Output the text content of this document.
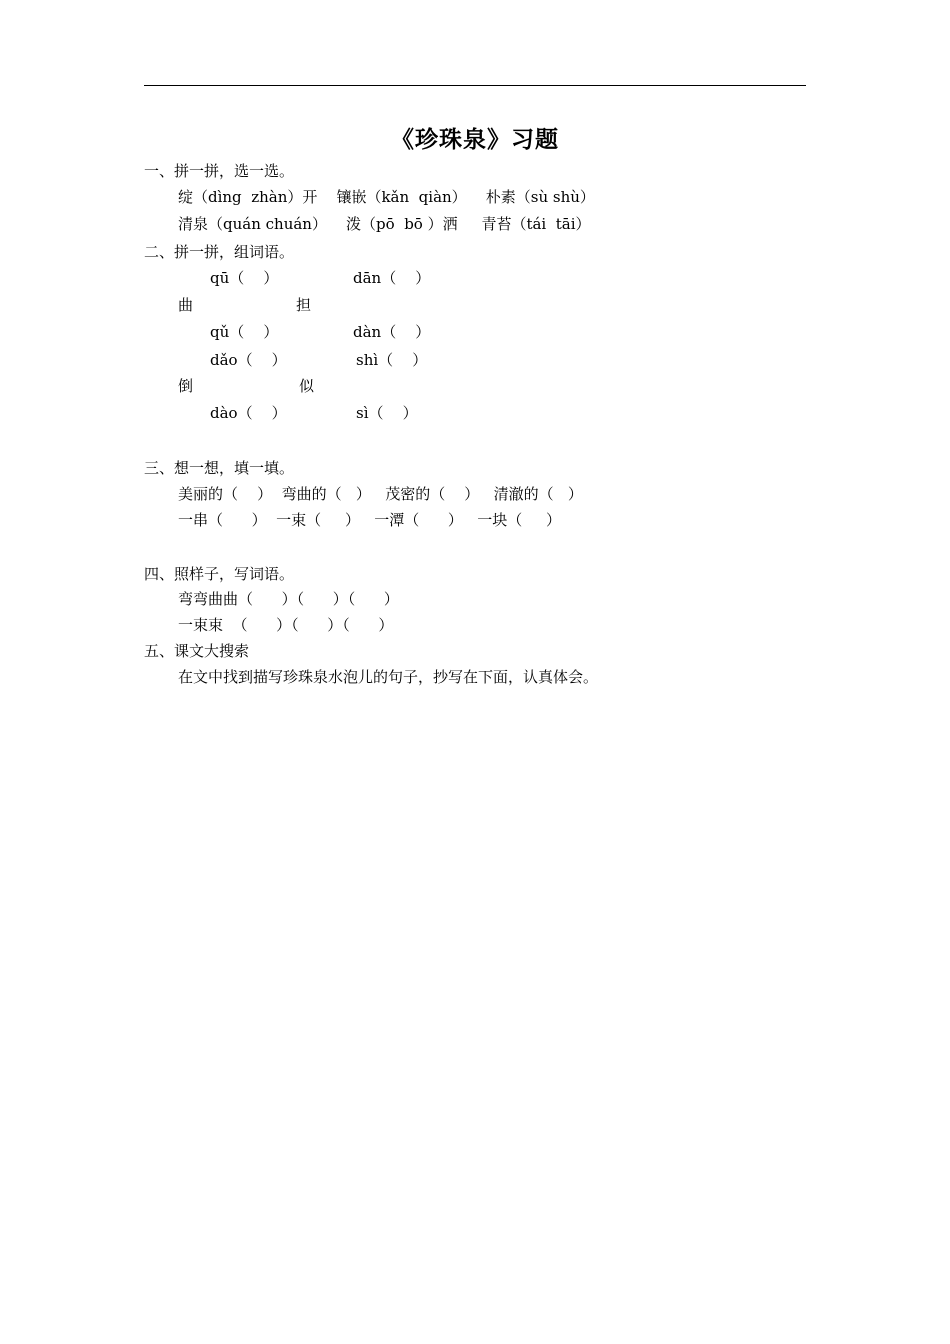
《珍珠泉》习题
一、拼一拼，选一选。
绽（dìng  zhàn）开    镶嵌（kǎn  qiàn）    朴素（sù shù）
清泉（quán chuán）    泼（pō  bō ）洒     青苔（tái  tāi）
二、拼一拼，组词语。
qū（    ）	dān（    ）
曲	担
qǔ（    ）	dàn（    ）
dǎo（    ）	shì（    ）
倒	似
dào（    ）	sì（    ）
三、想一想，填一填。
美丽的（    ）  弯曲的（   ）   茂密的（    ）   清澈的（   ）
一串（      ）  一束（     ）   一潭（      ）   一块（     ）
四、照样子，写词语。
弯弯曲曲（      ）（      ）（      ）
一束束  （      ）（      ）（      ）
五、课文大搜索
在文中找到描写珍珠泉水泡儿的句子，抄写在下面，认真体会。
